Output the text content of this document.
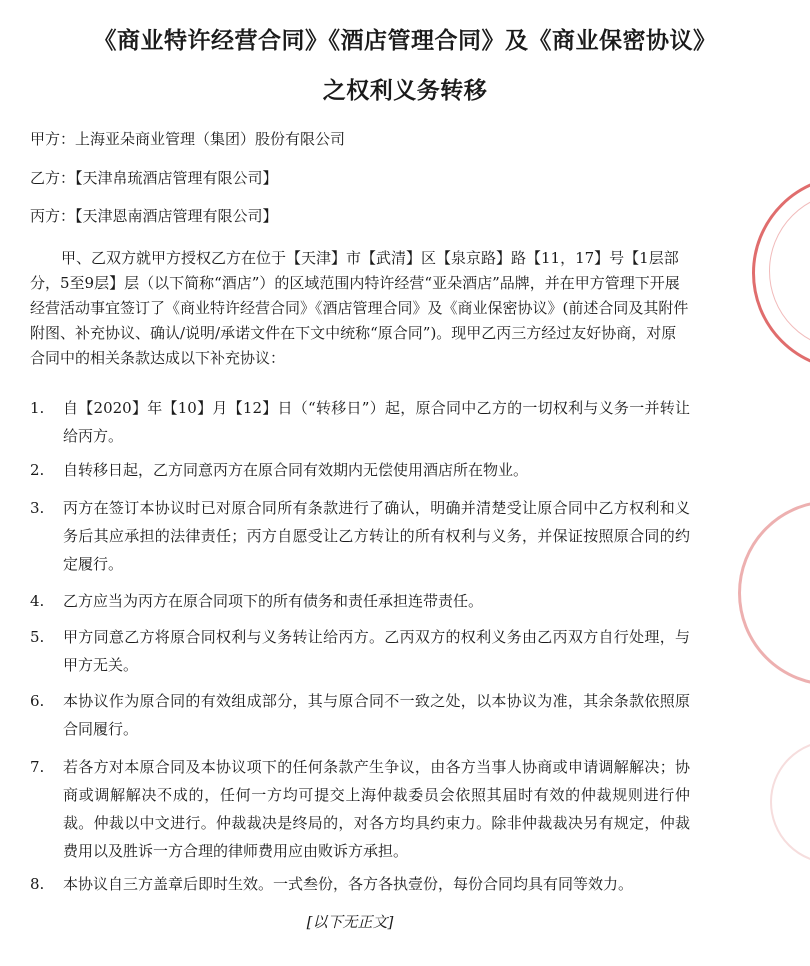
《商业特许经营合同》《酒店管理合同》及《商业保密协议》
之权利义务转移
甲方：上海亚朵商业管理（集团）股份有限公司
乙方：【天津帛琉酒店管理有限公司】
丙方：【天津恩南酒店管理有限公司】
甲、乙双方就甲方授权乙方在位于【天津】市【武清】区【泉京路】路【11，17】号【1层部分，5至9层】层（以下简称“酒店”）的区域范围内特许经营“亚朵酒店”品牌，并在甲方管理下开展经营活动事宜签订了《商业特许经营合同》《酒店管理合同》及《商业保密协议》(前述合同及其附件附图、补充协议、确认/说明/承诺文件在下文中统称“原合同”)。现甲乙丙三方经过友好协商，对原合同中的相关条款达成以下补充协议：
1.	自【2020】年【10】月【12】日（“转移日”）起，原合同中乙方的一切权利与义务一并转让给丙方。
2.	自转移日起，乙方同意丙方在原合同有效期内无偿使用酒店所在物业。
3.	丙方在签订本协议时已对原合同所有条款进行了确认，明确并清楚受让原合同中乙方权利和义务后其应承担的法律责任；丙方自愿受让乙方转让的所有权利与义务，并保证按照原合同的约定履行。
4.	乙方应当为丙方在原合同项下的所有债务和责任承担连带责任。
5.	甲方同意乙方将原合同权利与义务转让给丙方。乙丙双方的权利义务由乙丙双方自行处理，与甲方无关。
6.	本协议作为原合同的有效组成部分，其与原合同不一致之处，以本协议为准，其余条款依照原合同履行。
7.	若各方对本原合同及本协议项下的任何条款产生争议，由各方当事人协商或申请调解解决；协商或调解解决不成的，任何一方均可提交上海仲裁委员会依照其届时有效的仲裁规则进行仲裁。仲裁以中文进行。仲裁裁决是终局的，对各方均具约束力。除非仲裁裁决另有规定，仲裁费用以及胜诉一方合理的律师费用应由败诉方承担。
8.	本协议自三方盖章后即时生效。一式叁份，各方各执壹份，每份合同均具有同等效力。
[以下无正文]
